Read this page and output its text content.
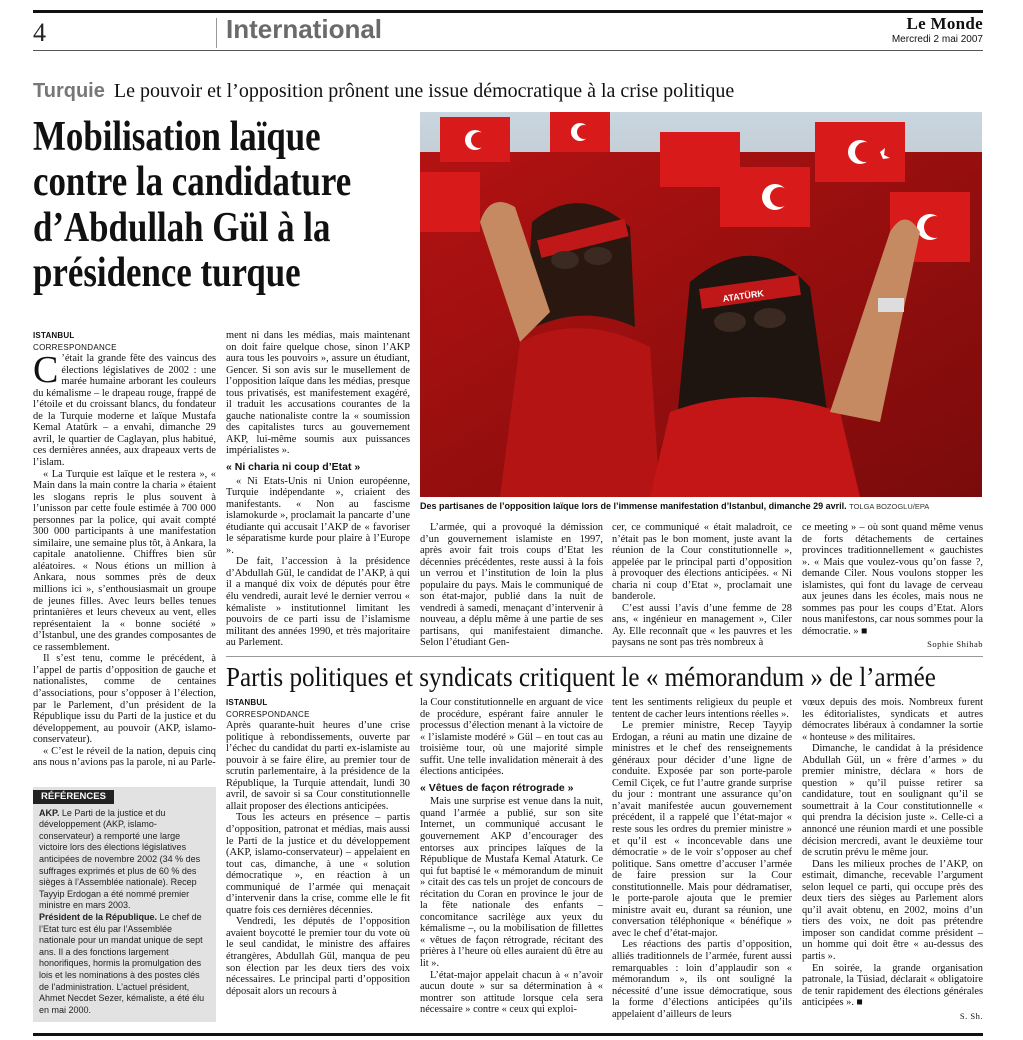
4	International	Le Monde
Mercredi 2 mai 2007
Turquie Le pouvoir et l’opposition prônent une issue démocratique à la crise politique
Mobilisation laïque contre la candidature d’Abdullah Gül à la présidence turque	ATATÜRK
Des partisanes de l’opposition laïque lors de l’immense manifestation d’Istanbul, dimanche 29 avril. TOLGA BOZOGLU/EPA
ISTANBUL
CORRESPONDANCE

C ’était la grande fête des vaincus des élections législatives de 2002 : une marée humaine arborant les couleurs du kémalisme – le drapeau rouge, frappé de l’étoile et du croissant blancs, du fondateur de la Turquie moderne et laïque Mustafa Kemal Atatürk – a envahi, dimanche 29 avril, le quartier de Caglayan, plus habitué, ces dernières années, aux drapeaux verts de l’islam.

« La Turquie est laïque et le restera », « Main dans la main contre la charia » étaient les slogans repris le plus souvent à l’unisson par cette foule estimée à 700 000 personnes par la police, qui avait compté 300 000 participants à une manifestation similaire, une semaine plus tôt, à Ankara, la capitale anatolienne. Chiffres bien sûr aléatoires. « Nous étions un million à Ankara, nous sommes près de deux millions ici », s’enthousiasmait un groupe de jeunes filles. Avec leurs belles tenues printanières et leurs cheveux au vent, elles représentaient la « bonne société » d’Istanbul, une des grandes composantes de ce rassemblement.

Il s’est tenu, comme le précédent, à l’appel de partis d’opposition de gauche et nationalistes, comme de centaines d’associations, pour s’opposer à l’élection, par le Parlement, d’un président de la République issu du Parti de la justice et du développement, au pouvoir (AKP, islamo-conservateur).

« C’est le réveil de la nation, depuis cinq ans nous n’avions pas la parole, ni au Parle-

ment ni dans les médias, mais maintenant on doit faire quelque chose, sinon l’AKP aura tous les pouvoirs », assure un étudiant, Gencer. Si son avis sur le musellement de l’opposition laïque dans les médias, presque tous privatisés, est manifestement exagéré, il traduit les accusations courantes de la gauche nationaliste contre la « soumission des capitalistes turcs au gouvernement AKP, lui-même soumis aux puissances impérialistes ».

« Ni charia ni coup d’Etat »

« Ni Etats-Unis ni Union européenne, Turquie indépendante », criaient des manifestants. « Non au fascisme islamokurde », proclamait la pancarte d’une étudiante qui accusait l’AKP de « favoriser le séparatisme kurde pour plaire à l’Europe ».

De fait, l’accession à la présidence d’Abdullah Gül, le candidat de l’AKP, à qui il a manqué dix voix de députés pour être élu vendredi, aurait levé le dernier verrou « kémaliste » institutionnel limitant les pouvoirs de ce parti issu de l’islamisme militant des années 1990, et très majoritaire au Parlement.

L’armée, qui a provoqué la démission d’un gouvernement islamiste en 1997, après avoir fait trois coups d’Etat les décennies précédentes, reste aussi à la fois un verrou et l’institution de loin la plus populaire du pays. Mais le communiqué de son état-major, publié dans la nuit de vendredi à samedi, menaçant d’intervenir à nouveau, a déplu même à une partie de ses partisans, qui manifestaient dimanche. Selon l’étudiant Gen-

cer, ce communiqué « était maladroit, ce n’était pas le bon moment, juste avant la réunion de la Cour constitutionnelle », appelée par le principal parti d’opposition à provoquer des élections anticipées. « Ni charia ni coup d’Etat », proclamait une banderole.

C’est aussi l’avis d’une femme de 28 ans, « ingénieur en management », Ciler Ay. Elle reconnaît que « les pauvres et les paysans ne sont pas très nombreux à

ce meeting » – où sont quand même venus de forts détachements de certaines provinces traditionnellement « gauchistes ». « Mais que voulez-vous qu’on fasse ?, demande Ciler. Nous voulons stopper les islamistes, qui font du lavage de cerveau aux jeunes dans les écoles, mais nous ne sommes pas pour les coups d’Etat. Alors nous manifestons, car nous sommes pour la démocratie. » ■

Sophie Shihab
Partis politiques et syndicats critiquent le « mémorandum » de l’armée
ISTANBUL
CORRESPONDANCE

Après quarante-huit heures d’une crise politique à rebondissements, ouverte par l’échec du candidat du parti ex-islamiste au pouvoir à se faire élire, au premier tour de scrutin parlementaire, à la présidence de la République, la Turquie attendait, lundi 30 avril, de savoir si sa Cour constitutionnelle allait proposer des élections anticipées.

Tous les acteurs en présence – partis d’opposition, patronat et médias, mais aussi le Parti de la justice et du développement (AKP, islamo-conservateur) – appelaient en tout cas, dimanche, à une « solution démocratique », en réaction à un communiqué de l’armée qui menaçait d’intervenir dans la crise, comme elle le fit quatre fois ces dernières décennies.

Vendredi, les députés de l’opposition avaient boycotté le premier tour du vote où le seul candidat, le ministre des affaires étrangères, Abdullah Gül, manqua de peu son élection par les deux tiers des voix nécessaires. Le principal parti d’opposition déposait alors un recours à

la Cour constitutionnelle en arguant de vice de procédure, espérant faire annuler le processus d’élection menant à la victoire de « l’islamiste modéré » Gül – en tout cas au troisième tour, où une majorité simple suffit. Une telle invalidation mènerait à des élections anticipées.

« Vêtues de façon rétrograde »

Mais une surprise est venue dans la nuit, quand l’armée a publié, sur son site Internet, un communiqué accusant le gouvernement AKP d’encourager des entorses aux principes laïques de la République de Mustafa Kemal Ataturk. Ce qui fut baptisé le « mémorandum de minuit » citait des cas tels un projet de concours de récitation du Coran en province le jour de la fête nationale des enfants – concomitance sacrilège aux yeux du kémalisme –, ou la mobilisation de fillettes « vêtues de façon rétrograde, récitant des prières à l’heure où elles auraient dû être au lit ».

L’état-major appelait chacun à « n’avoir aucun doute » sur sa détermination à « montrer son attitude lorsque cela sera nécessaire » contre « ceux qui exploi-

tent les sentiments religieux du peuple et tentent de cacher leurs intentions réelles ».

Le premier ministre, Recep Tayyip Erdogan, a réuni au matin une dizaine de ministres et le chef des renseignements généraux pour décider d’une ligne de conduite. Exposée par son porte-parole Cemil Ciçek, ce fut l’autre grande surprise du jour : montrant une assurance qu’on n’avait manifestée aucun gouvernement précédent, il a rappelé que l’état-major « reste sous les ordres du premier ministre » et qu’il est « inconcevable dans une démocratie » de le voir s’opposer au chef politique. Sans omettre d’accuser l’armée de faire pression sur la Cour constitutionnelle. Mais pour dédramatiser, le porte-parole ajouta que le premier ministre avait eu, durant sa réunion, une conversation téléphonique « bénéfique » avec le chef d’état-major.

Les réactions des partis d’opposition, alliés traditionnels de l’armée, furent aussi remarquables : loin d’applaudir son « mémorandum », ils ont souligné la nécessité d’une issue démocratique, sous la forme d’élections anticipées qu’ils appelaient d’ailleurs de leurs

vœux depuis des mois. Nombreux furent les éditorialistes, syndicats et autres démocrates libéraux à condamner la sortie « honteuse » des militaires.

Dimanche, le candidat à la présidence Abdullah Gül, un « frère d’armes » du premier ministre, déclara « hors de question » qu’il puisse retirer sa candidature, tout en soulignant qu’il se soumettrait à la Cour constitutionnelle « qui prendra la décision juste ». Celle-ci a annoncé une réunion mardi et une possible décision mercredi, avant le deuxième tour de scrutin prévu le même jour.

Dans les milieux proches de l’AKP, on estimait, dimanche, recevable l’argument selon lequel ce parti, qui occupe près des deux tiers des sièges au Parlement alors qu’il avait obtenu, en 2002, moins d’un tiers des voix, ne doit pas prétendre imposer son candidat comme président – un homme qui doit être « au-dessus des partis ».

En soirée, la grande organisation patronale, la Tüsiad, déclarait « obligatoire de tenir rapidement des élections générales anticipées ». ■

S. Sh.
RÉFÉRENCES
AKP. Le Parti de la justice et du développement (AKP, islamo-conservateur) a remporté une large victoire lors des élections législatives anticipées de novembre 2002 (34 % des suffrages exprimés et plus de 60 % des sièges à l’Assemblée nationale). Recep Tayyip Erdogan a été nommé premier ministre en mars 2003.
Président de la République. Le chef de l’Etat turc est élu par l’Assemblée nationale pour un mandat unique de sept ans. Il a des fonctions largement honorifiques, hormis la promulgation des lois et les nominations à des postes clés de l’administration. L’actuel président, Ahmet Necdet Sezer, kémaliste, a été élu en mai 2000.
